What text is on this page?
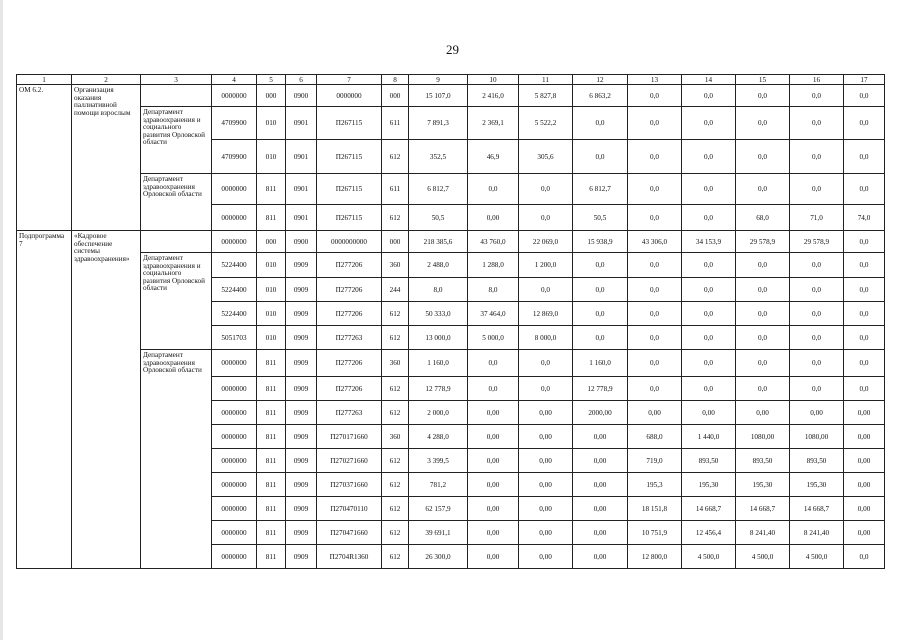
29
1	2	3	4	5	6	7	8	9	10	11	12	13	14	15	16	17
ОМ 6.2.	Организация оказания паллиативной помощи взрослым		0000000	000	0900	0000000	000	15 107,0	2 416,0	5 827,8	6 863,2	0,0	0,0	0,0	0,0	0,0
		Департамент здравоохранения и социального развития Орловской области	4709900	010	0901	П267115	611	7 891,3	2 369,1	5 522,2	0,0	0,0	0,0	0,0	0,0	0,0
			4709900	010	0901	П267115	612	352,5	46,9	305,6	0,0	0,0	0,0	0,0	0,0	0,0
		Департамент здравоохранения Орловской области	0000000	811	0901	П267115	611	6 812,7	0,0	0,0	6 812,7	0,0	0,0	0,0	0,0	0,0
			0000000	811	0901	П267115	612	50,5	0,00	0,0	50,5	0,0	0,0	68,0	71,0	74,0
Подпрограмма 7	«Кадровое обеспечение системы здравоохранения»		0000000	000	0900	0000000000	000	218 385,6	43 760,0	22 069,0	15 938,9	43 306,0	34 153,9	29 578,9	29 578,9	0,0
		Департамент здравоохранения и социального развития Орловской области	5224400	010	0909	П277206	360	2 488,0	1 288,0	1 200,0	0,0	0,0	0,0	0,0	0,0	0,0
			5224400	010	0909	П277206	244	8,0	8,0	0,0	0,0	0,0	0,0	0,0	0,0	0,0
			5224400	010	0909	П277206	612	50 333,0	37 464,0	12 869,0	0,0	0,0	0,0	0,0	0,0	0,0
			5051703	010	0909	П277263	612	13 000,0	5 000,0	8 000,0	0,0	0,0	0,0	0,0	0,0	0,0
		Департамент здравоохранения Орловской области	0000000	811	0909	П277206	360	1 160,0	0,0	0,0	1 160,0	0,0	0,0	0,0	0,0	0,0
			0000000	811	0909	П277206	612	12 778,9	0,0	0,0	12 778,9	0,0	0,0	0,0	0,0	0,0
			0000000	811	0909	П277263	612	2 000,0	0,00	0,00	2000,00	0,00	0,00	0,00	0,00	0,00
			0000000	811	0909	П270171660	360	4 288,0	0,00	0,00	0,00	688,0	1 440,0	1080,00	1080,00	0,00
			0000000	811	0909	П270271660	612	3 399,5	0,00	0,00	0,00	719,0	893,50	893,50	893,50	0,00
			0000000	811	0909	П270371660	612	781,2	0,00	0,00	0,00	195,3	195,30	195,30	195,30	0,00
			0000000	811	0909	П270470110	612	62 157,9	0,00	0,00	0,00	18 151,8	14 668,7	14 668,7	14 668,7	0,00
			0000000	811	0909	П270471660	612	39 691,1	0,00	0,00	0,00	10 751,9	12 456,4	8 241,40	8 241,40	0,00
			0000000	811	0909	П2704R1360	612	26 300,0	0,00	0,00	0,00	12 800,0	4 500,0	4 500,0	4 500,0	0,0
